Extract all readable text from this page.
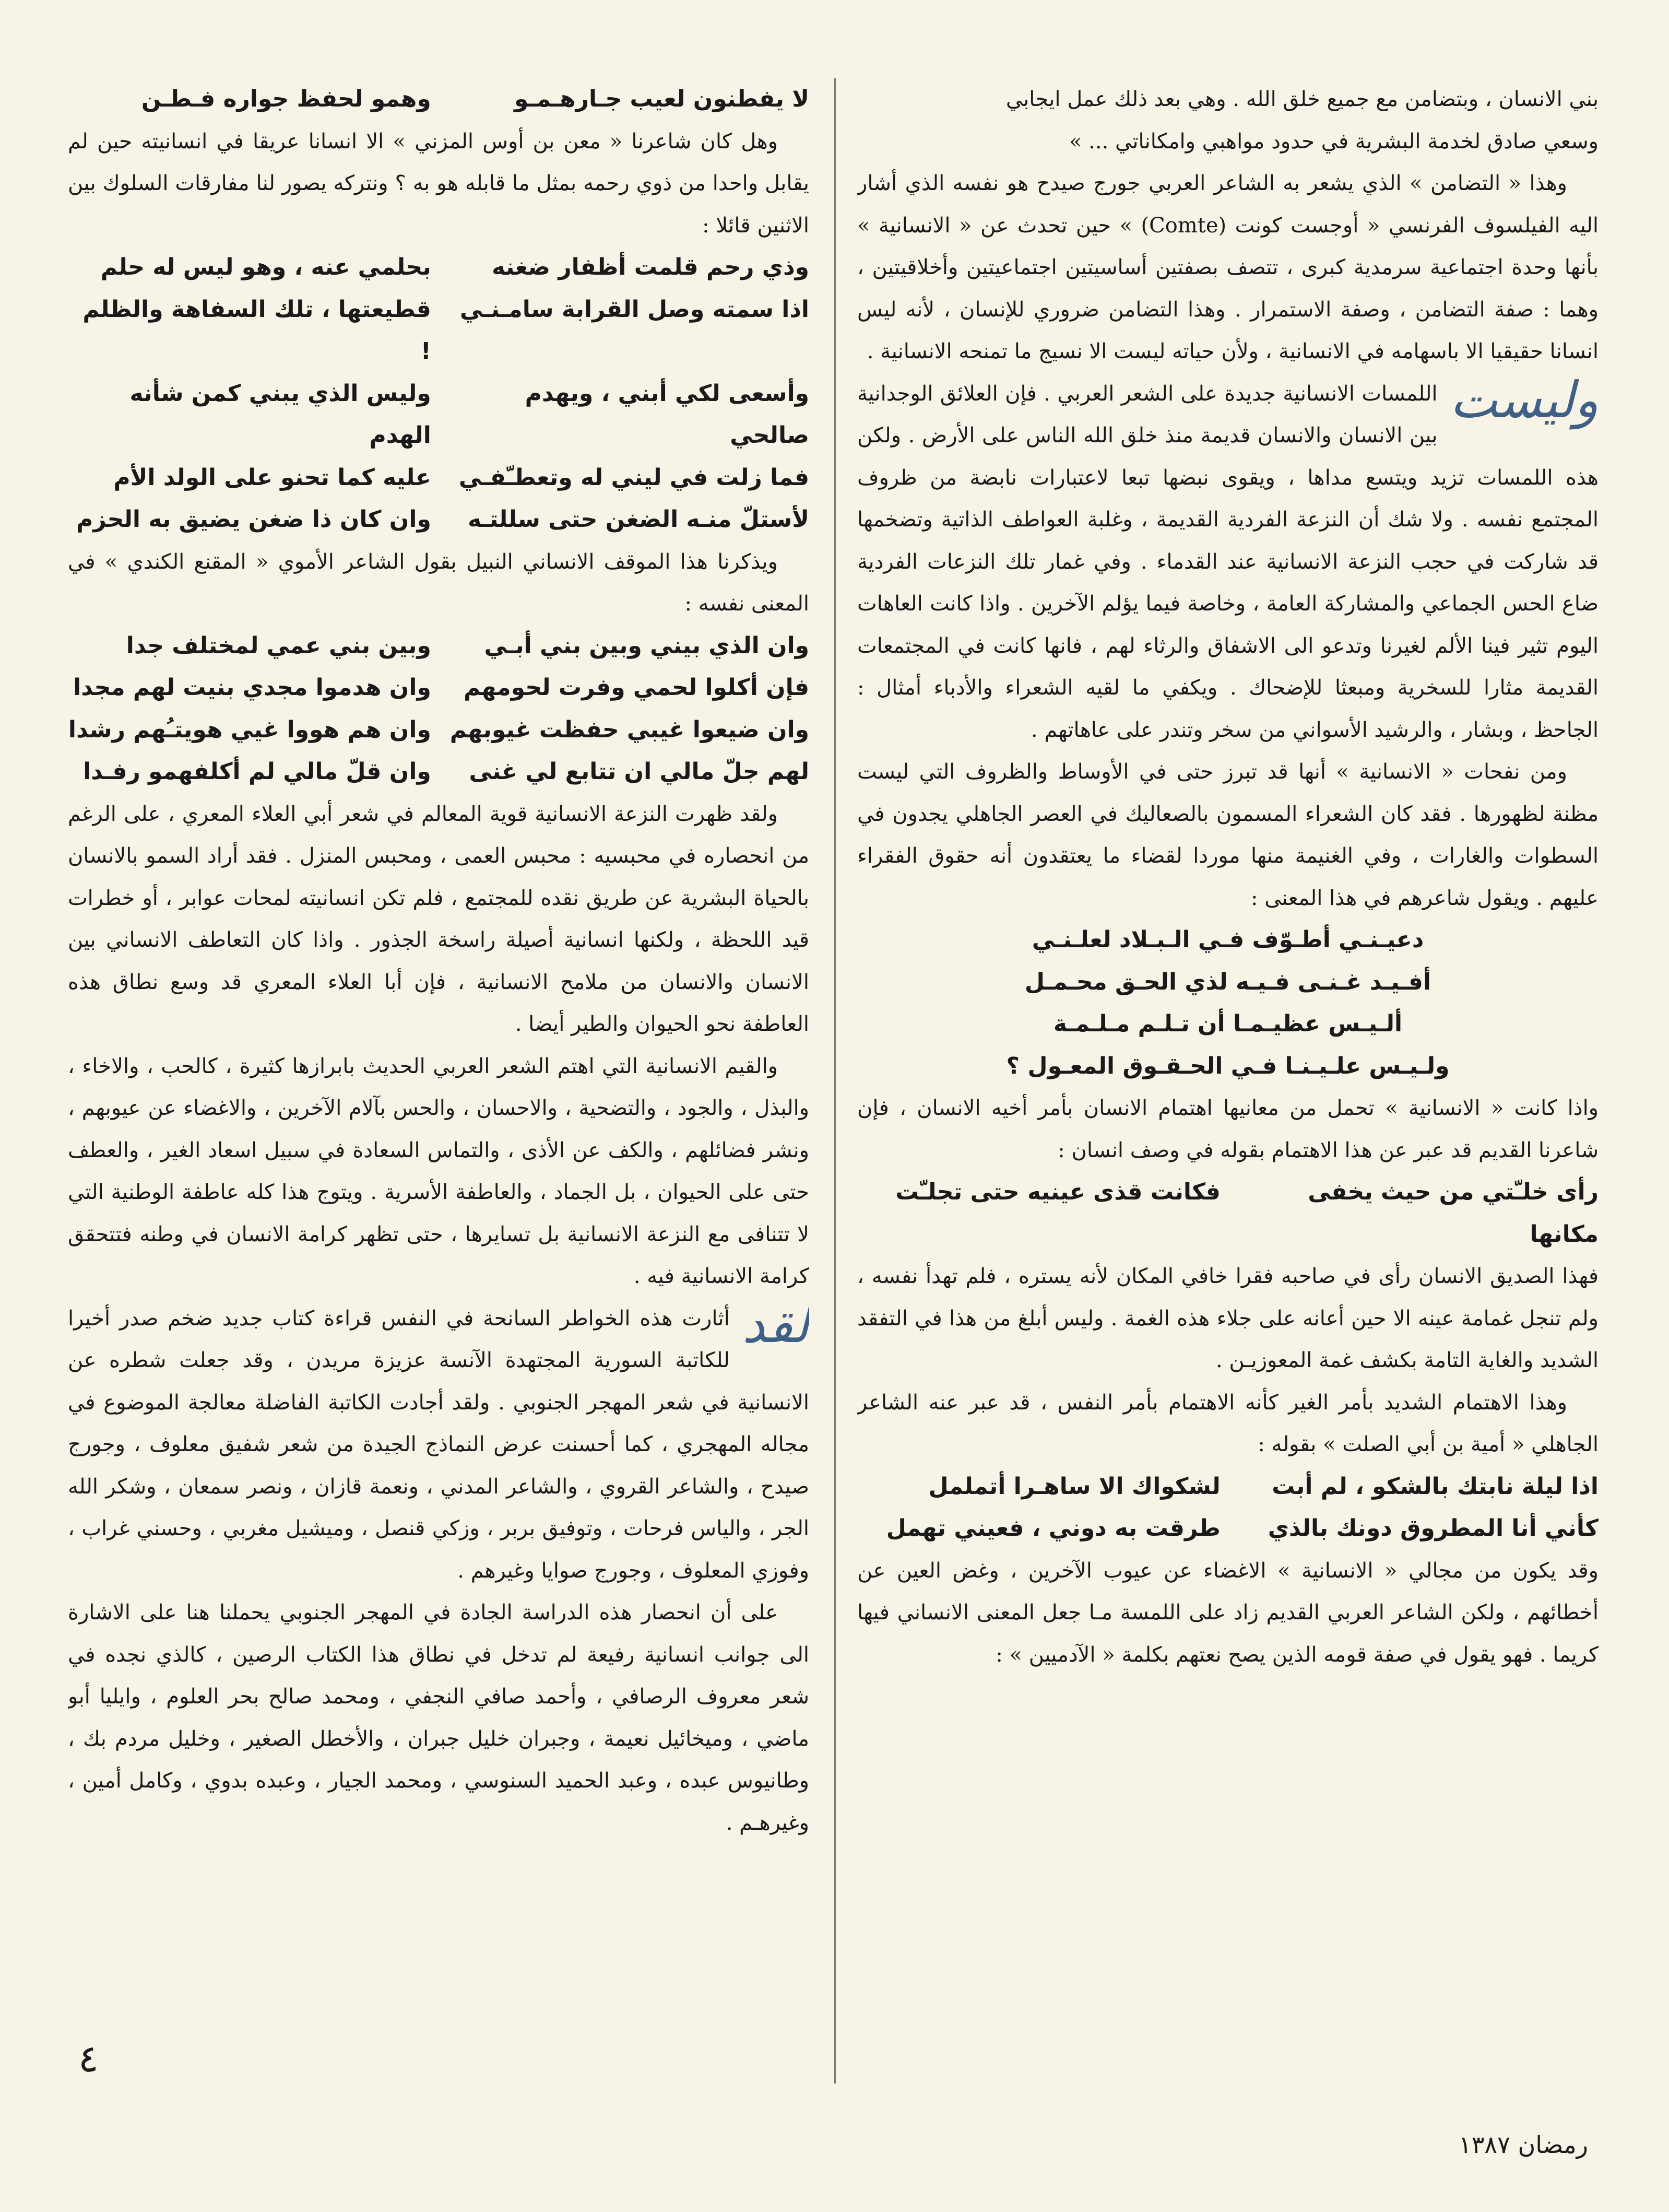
بني الانسان ، وبتضامن مع جميع خلق الله . وهي بعد ذلك عمل ايجابي

وسعي صادق لخدمة البشرية في حدود مواهبي وامكاناتي ... »

وهذا « التضامن » الذي يشعر به الشاعر العربي جورج صيدح هو نفسه الذي أشار اليه الفيلسوف الفرنسي « أوجست كونت (Comte) » حين تحدث عن « الانسانية » بأنها وحدة اجتماعية سرمدية كبرى ، تتصف بصفتين أساسيتين اجتماعيتين وأخلاقيتين ، وهما : صفة التضامن ، وصفة الاستمرار . وهذا التضامن ضروري للإنسان ، لأنه ليس انسانا حقيقيا الا باسهامه في الانسانية ، ولأن حياته ليست الا نسيج ما تمنحه الانسانية .

وليست
اللمسات الانسانية جديدة على الشعر العربي . فإن العلائق الوجدانية بين الانسان والانسان قديمة منذ خلق الله الناس على الأرض . ولكن هذه اللمسات تزيد ويتسع مداها ، ويقوى نبضها تبعا لاعتبارات نابضة من ظروف المجتمع نفسه . ولا شك أن النزعة الفردية القديمة ، وغلبة العواطف الذاتية وتضخمها قد شاركت في حجب النزعة الانسانية عند القدماء . وفي غمار تلك النزعات الفردية ضاع الحس الجماعي والمشاركة العامة ، وخاصة فيما يؤلم الآخرين . واذا كانت العاهات اليوم تثير فينا الألم لغيرنا وتدعو الى الاشفاق والرثاء لهم ، فانها كانت في المجتمعات القديمة مثارا للسخرية ومبعثا للإضحاك . ويكفي ما لقيه الشعراء والأدباء أمثال : الجاحظ ، وبشار ، والرشيد الأسواني من سخر وتندر على عاهاتهم .

ومن نفحات « الانسانية » أنها قد تبرز حتى في الأوساط والظروف التي ليست مظنة لظهورها . فقد كان الشعراء المسمون بالصعاليك في العصر الجاهلي يجدون في السطوات والغارات ، وفي الغنيمة منها موردا لقضاء ما يعتقدون أنه حقوق الفقراء عليهم . ويقول شاعرهم في هذا المعنى :

دعيـنـي أطـوّف فـي الـبـلاد لعلـنـي

أفـيـد غـنـى فـيـه لذي الحـق محـمـل

ألـيـس عظيـمـا أن تـلـم مـلـمـة

ولـيـس علـيـنـا فـي الحـقـوق المعـول ؟

واذا كانت « الانسانية » تحمل من معانيها اهتمام الانسان بأمر أخيه الانسان ، فإن شاعرنا القديم قد عبر عن هذا الاهتمام بقوله في وصف انسان :

رأى خلـّتي من حيث يخفى مكانها
فكانت قذى عينيه حتى تجلـّت

فهذا الصديق الانسان رأى في صاحبه فقرا خافي المكان لأنه يستره ، فلم تهدأ نفسه ، ولم تنجل غمامة عينه الا حين أعانه على جلاء هذه الغمة . وليس أبلغ من هذا في التفقد الشديد والغاية التامة بكشف غمة المعوزيـن .

وهذا الاهتمام الشديد بأمر الغير كأنه الاهتمام بأمر النفس ، قد عبر عنه الشاعر الجاهلي « أمية بن أبي الصلت » بقوله :

اذا ليلة نابتك بالشكو ، لم أبت
لشكواك الا ساهـرا أتململ
كأني أنا المطروق دونك بالذي
طرقت به دوني ، فعيني تهمل

وقد يكون من مجالي « الانسانية » الاغضاء عن عيوب الآخرين ، وغض العين عن أخطائهم ، ولكن الشاعر العربي القديم زاد على اللمسة مـا جعل المعنى الانساني فيها كريما . فهو يقول في صفة قومه الذين يصح نعتهم بكلمة « الآدميين » :

لا يفطنون لعيب جـارهـمـو
وهمو لحفظ جواره فـطـن

وهل كان شاعرنا « معن بن أوس المزني » الا انسانا عريقا في انسانيته حين لم يقابل واحدا من ذوي رحمه بمثل ما قابله هو به ؟ ونتركه يصور لنا مفارقات السلوك بين الاثنين قائلا :

وذي رحم قلمت أظفار ضغنه
بحلمي عنه ، وهو ليس له حلم
اذا سمته وصل القرابة سامـنـي
قطيعتها ، تلك السفاهة والظلم !
وأسعى لكي أبني ، ويهدم صالحي
وليس الذي يبني كمن شأنه الهدم
فما زلت في ليني له وتعطـّفـي
عليه كما تحنو على الولد الأم
لأستلّ منـه الضغن حتى سللتـه
وان كان ذا ضغن يضيق به الحزم

ويذكرنا هذا الموقف الانساني النبيل بقول الشاعر الأموي « المقنع الكندي » في المعنى نفسه :

وان الذي بيني وبين بني أبـي
وبين بني عمي لمختلف جدا
فإن أكلوا لحمي وفرت لحومهم
وان هدموا مجدي بنيت لهم مجدا
وان ضيعوا غيبي حفظت غيوبهم
وان هم هووا غيي هويتـُهم رشدا
لهم جلّ مالي ان تتابع لي غنى
وان قلّ مالي لم أكلفهمو رفـدا

ولقد ظهرت النزعة الانسانية قوية المعالم في شعر أبي العلاء المعري ، على الرغم من انحصاره في محبسيه : محبس العمى ، ومحبس المنزل . فقد أراد السمو بالانسان بالحياة البشرية عن طريق نقده للمجتمع ، فلم تكن انسانيته لمحات عوابر ، أو خطرات قيد اللحظة ، ولكنها انسانية أصيلة راسخة الجذور . واذا كان التعاطف الانساني بين الانسان والانسان من ملامح الانسانية ، فإن أبا العلاء المعري قد وسع نطاق هذه العاطفة نحو الحيوان والطير أيضا .

والقيم الانسانية التي اهتم الشعر العربي الحديث بابرازها كثيرة ، كالحب ، والاخاء ، والبذل ، والجود ، والتضحية ، والاحسان ، والحس بآلام الآخرين ، والاغضاء عن عيوبهم ، ونشر فضائلهم ، والكف عن الأذى ، والتماس السعادة في سبيل اسعاد الغير ، والعطف حتى على الحيوان ، بل الجماد ، والعاطفة الأسرية . ويتوج هذا كله عاطفة الوطنية التي لا تتنافى مع النزعة الانسانية بل تسايرها ، حتى تظهر كرامة الانسان في وطنه فتتحقق كرامة الانسانية فيه .

لقد
أثارت هذه الخواطر السانحة في النفس قراءة كتاب جديد ضخم صدر أخيرا للكاتبة السورية المجتهدة الآنسة عزيزة مريدن ، وقد جعلت شطره عن الانسانية في شعر المهجر الجنوبي . ولقد أجادت الكاتبة الفاضلة معالجة الموضوع في مجاله المهجري ، كما أحسنت عرض النماذج الجيدة من شعر شفيق معلوف ، وجورج صيدح ، والشاعر القروي ، والشاعر المدني ، ونعمة قازان ، ونصر سمعان ، وشكر الله الجر ، والياس فرحات ، وتوفيق بربر ، وزكي قنصل ، وميشيل مغربي ، وحسني غراب ، وفوزي المعلوف ، وجورج صوايا وغيرهم .

على أن انحصار هذه الدراسة الجادة في المهجر الجنوبي يحملنا هنا على الاشارة الى جوانب انسانية رفيعة لم تدخل في نطاق هذا الكتاب الرصين ، كالذي نجده في شعر معروف الرصافي ، وأحمد صافي النجفي ، ومحمد صالح بحر العلوم ، وايليا أبو ماضي ، وميخائيل نعيمة ، وجبران خليل جبران ، والأخطل الصغير ، وخليل مردم بك ، وطانيوس عبده ، وعبد الحميد السنوسي ، ومحمد الجيار ، وعبده بدوي ، وكامل أمين ، وغيرهـم .

٤
رمضان ١٣٨٧
